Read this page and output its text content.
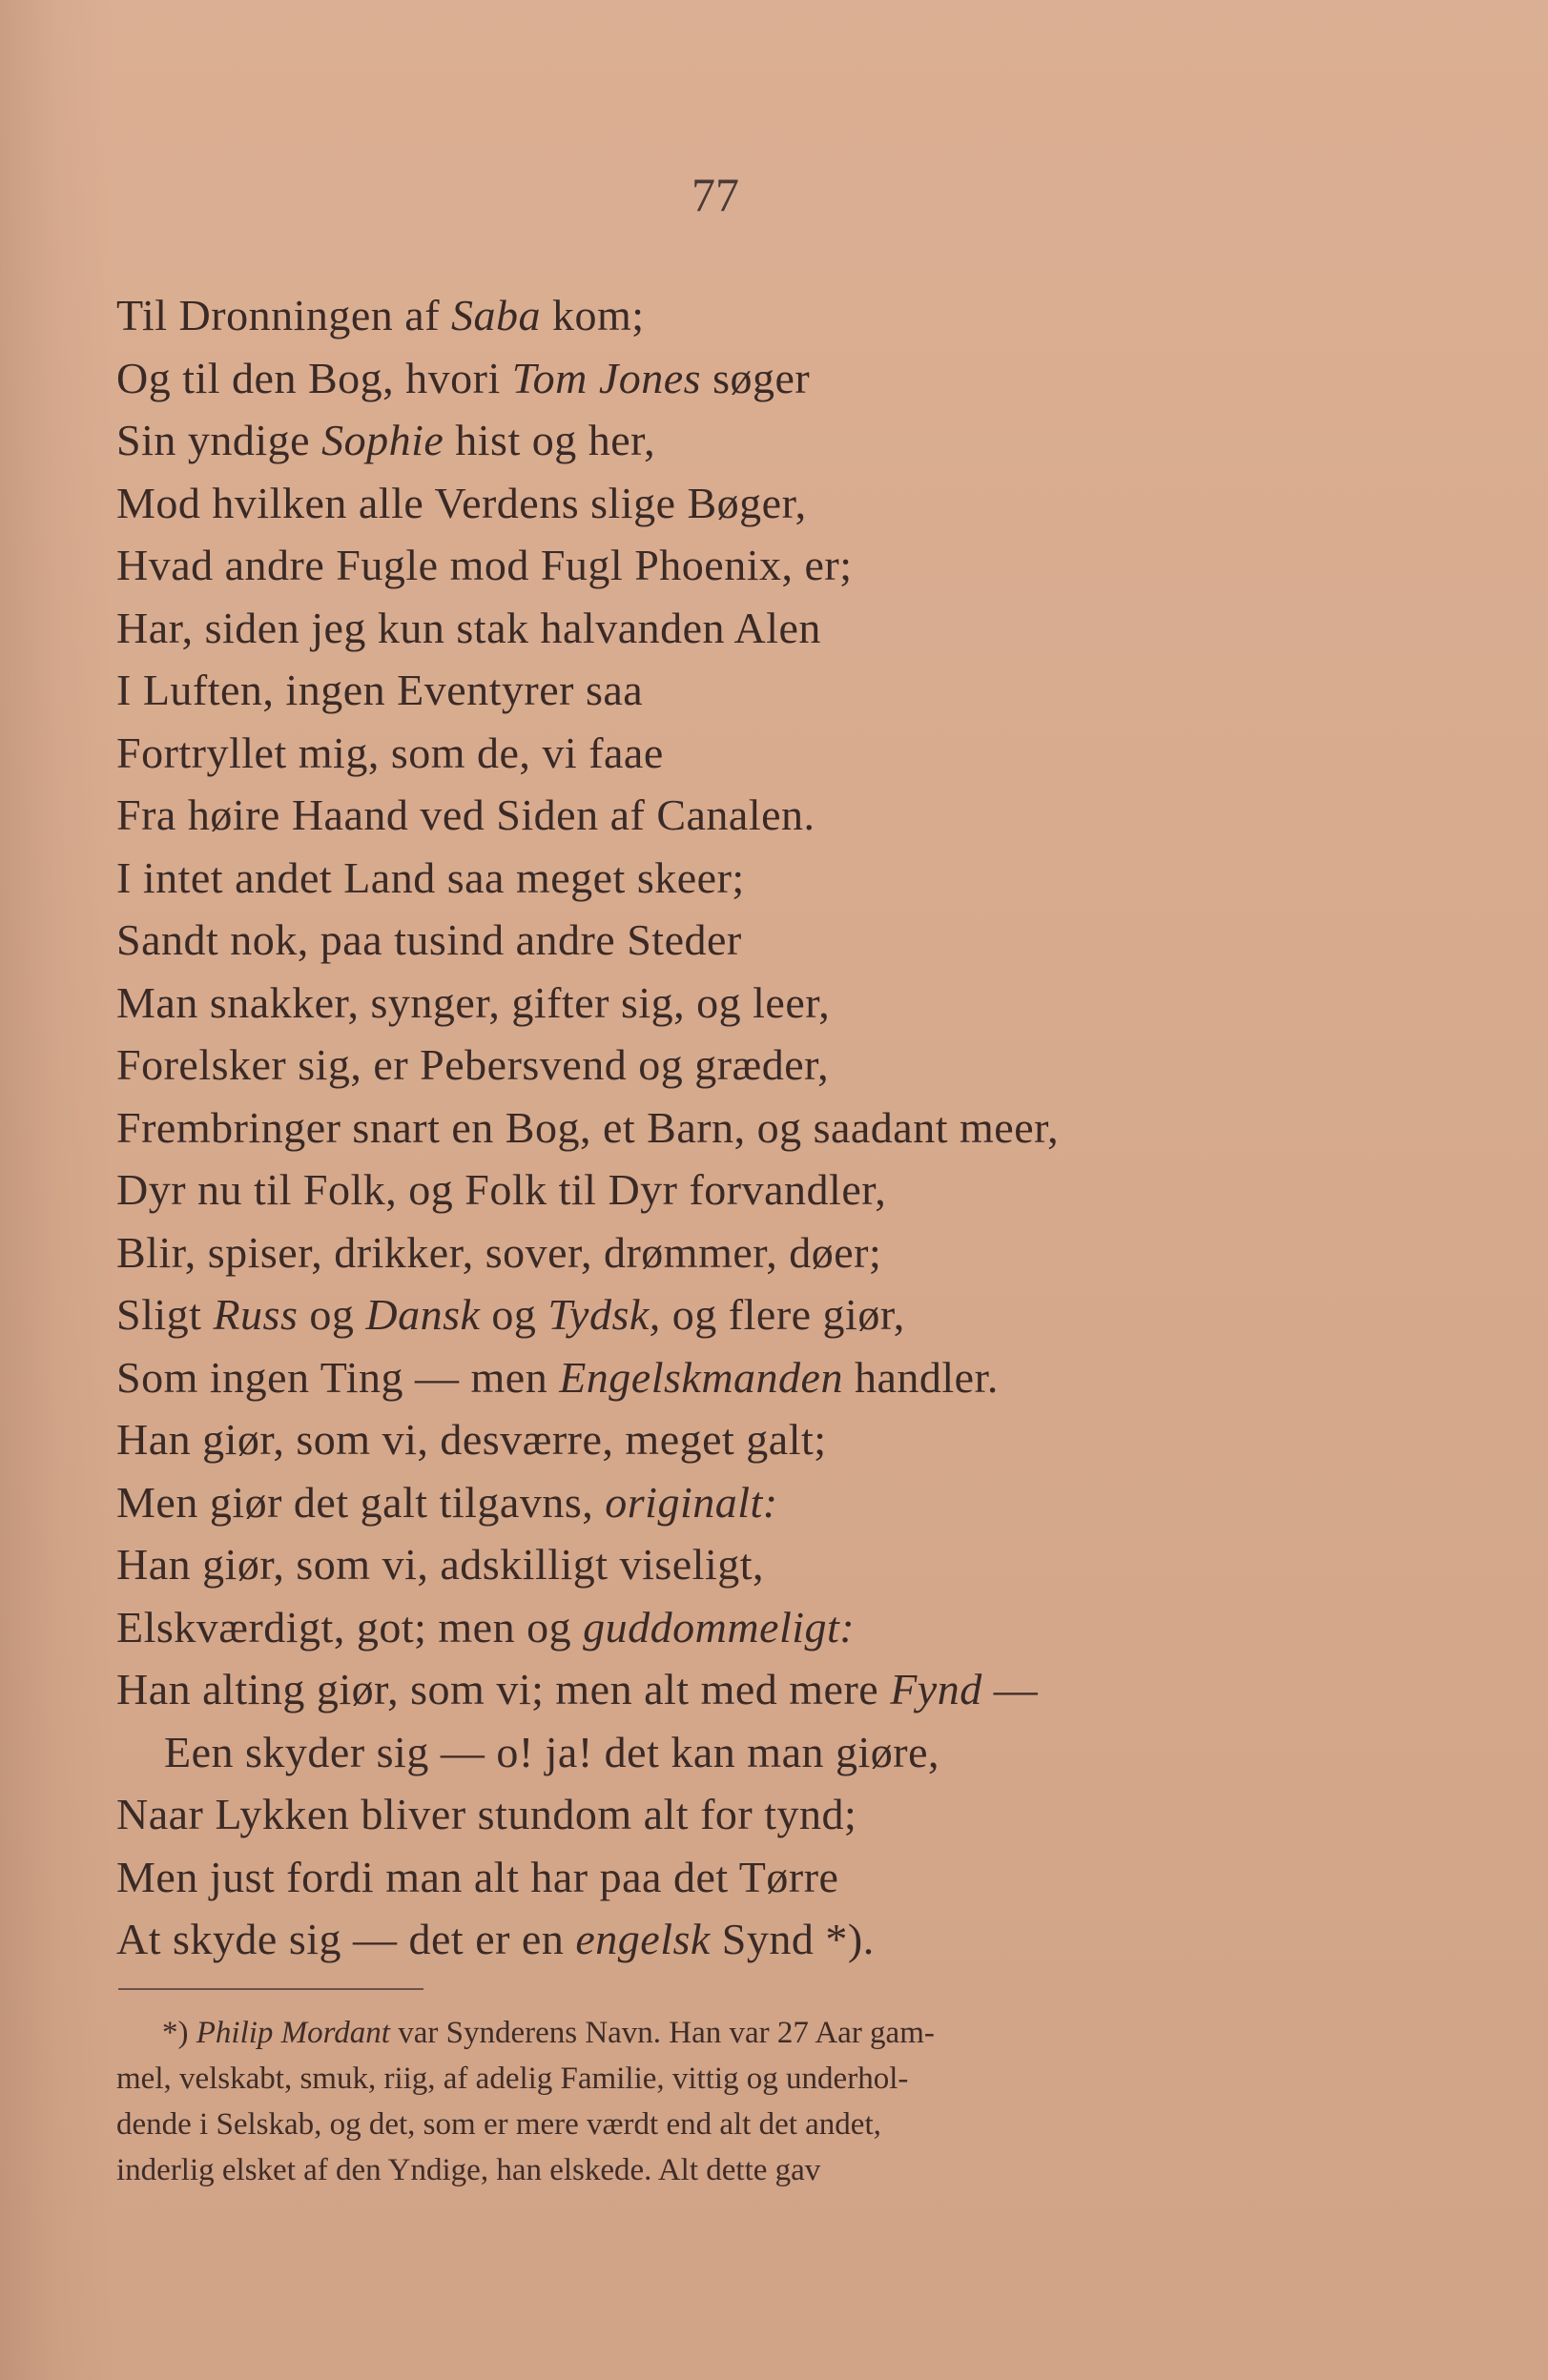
77
Til Dronningen af Saba kom;
Og til den Bog, hvori Tom Jones søger
Sin yndige Sophie hist og her,
Mod hvilken alle Verdens slige Bøger,
Hvad andre Fugle mod Fugl Phoenix, er;
Har, siden jeg kun stak halvanden Alen
I Luften, ingen Eventyrer saa
Fortryllet mig, som de, vi faae
Fra høire Haand ved Siden af Canalen.
I intet andet Land saa meget skeer;
Sandt nok, paa tusind andre Steder
Man snakker, synger, gifter sig, og leer,
Forelsker sig, er Pebersvend og græder,
Frembringer snart en Bog, et Barn, og saadant meer,
Dyr nu til Folk, og Folk til Dyr forvandler,
Blir, spiser, drikker, sover, drømmer, døer;
Sligt Russ og Dansk og Tydsk, og flere giør,
Som ingen Ting — men Engelskmanden handler.
Han giør, som vi, desværre, meget galt;
Men giør det galt tilgavns, originalt:
Han giør, som vi, adskilligt viseligt,
Elskværdigt, got; men og guddommeligt:
Han alting giør, som vi; men alt med mere Fynd —
Een skyder sig — o! ja! det kan man giøre,
Naar Lykken bliver stundom alt for tynd;
Men just fordi man alt har paa det Tørre
At skyde sig — det er en engelsk Synd *).
*) Philip Mordant var Synderens Navn. Han var 27 Aar gam-
mel, velskabt, smuk, riig, af adelig Familie, vittig og underhol-
dende i Selskab, og det, som er mere værdt end alt det andet,
inderlig elsket af den Yndige, han elskede. Alt dette gav
